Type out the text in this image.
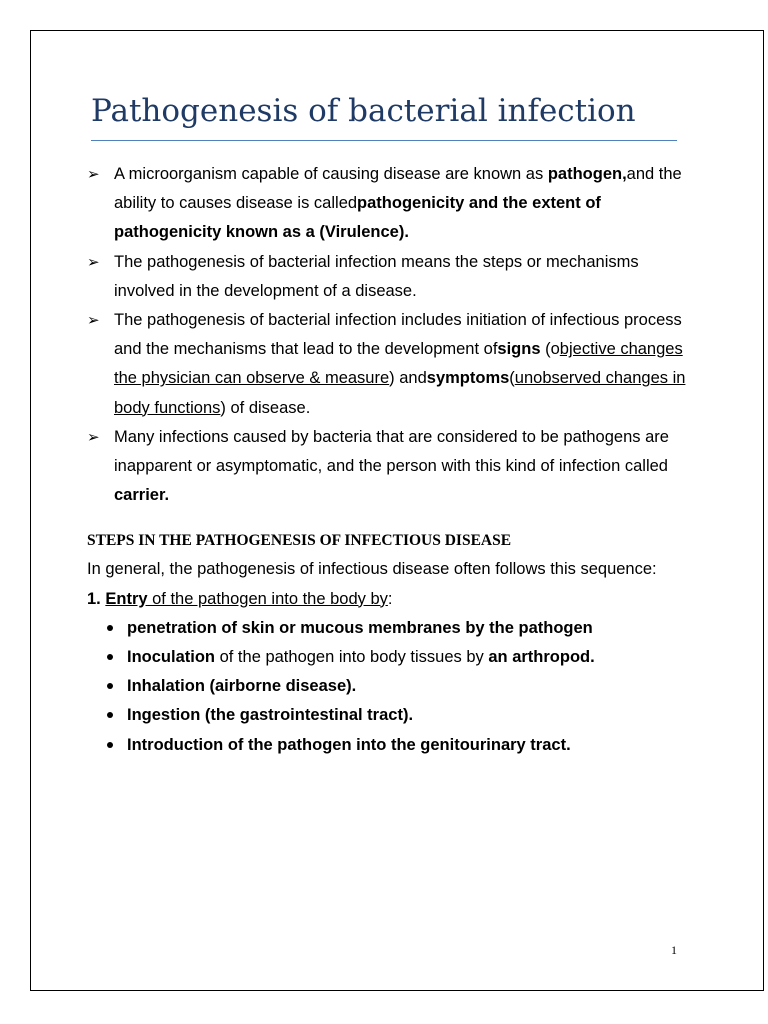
Pathogenesis of bacterial infection
➢ A microorganism capable of causing disease are known as pathogen,and the ability to causes disease is calledpathogenicity and the extent of pathogenicity known as a (Virulence).
➢ The pathogenesis of bacterial infection means the steps or mechanisms involved in the development of a disease.
➢ The pathogenesis of bacterial infection includes initiation of infectious process and the mechanisms that lead to the development ofsigns (objective changes the physician can observe & measure) andsymptoms(unobserved changes in body functions) of disease.
➢ Many infections caused by bacteria that are considered to be pathogens are inapparent or asymptomatic, and the person with this kind of infection called carrier.
STEPS IN THE PATHOGENESIS OF INFECTIOUS DISEASE

In general, the pathogenesis of infectious disease often follows this sequence:

1. Entry of the pathogen into the body by:
penetration of skin or mucous membranes by the pathogen
Inoculation of the pathogen into body tissues by an arthropod.
Inhalation (airborne disease).
Ingestion (the gastrointestinal tract).
Introduction of the pathogen into the genitourinary tract.
1
